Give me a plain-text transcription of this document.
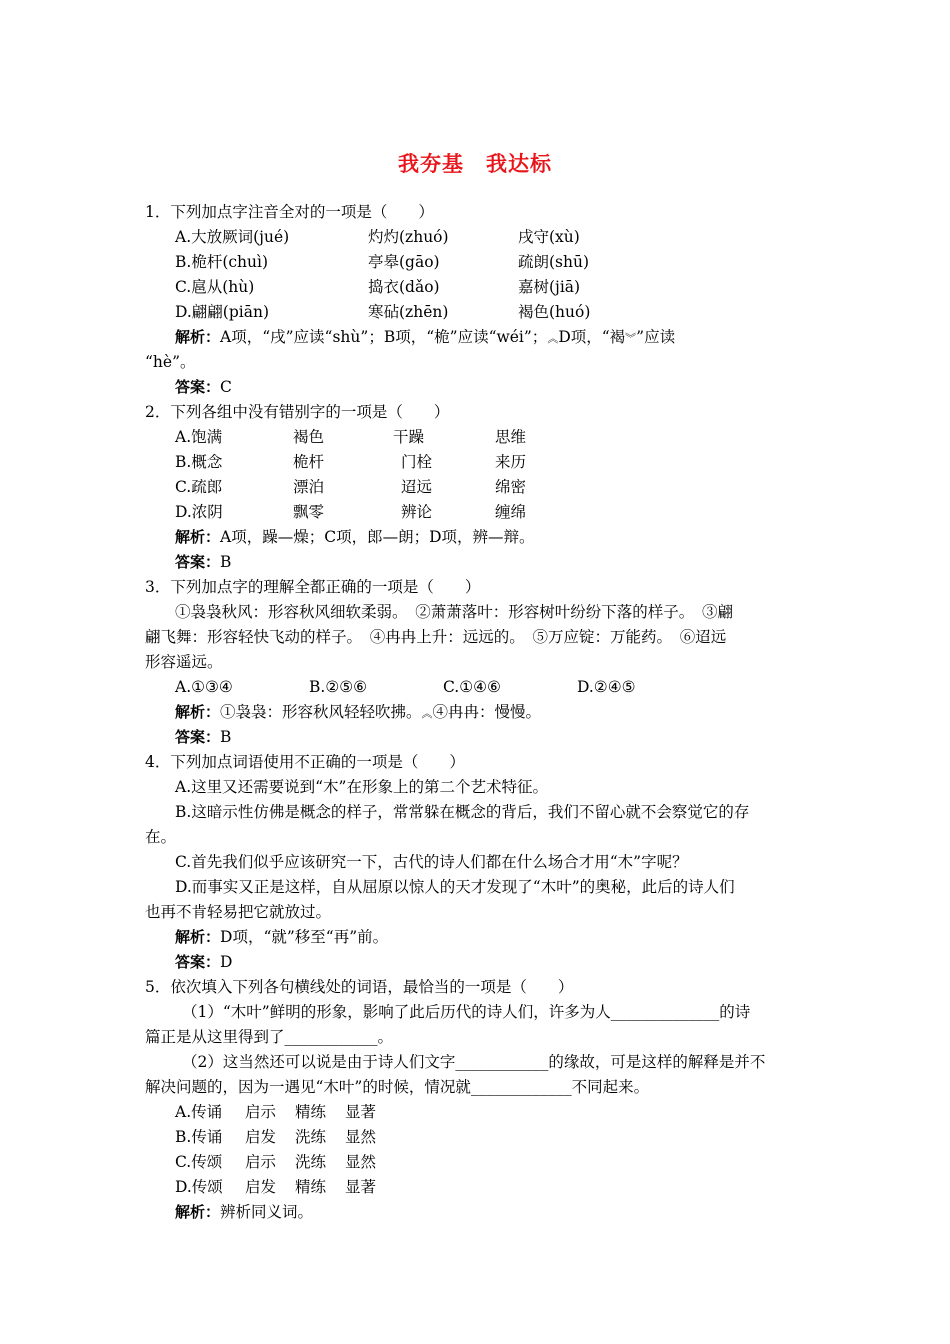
我夯基　我达标
1．下列加点字注音全对的一项是（　　）
A.大放厥词(jué)	灼灼(zhuó)	戌守(xù)
B.桅杆(chuì)	亭皋(gāo)	疏朗(shū)
C.扈从(hù)	捣衣(dǎo)	嘉树(jiā)
D.翩翩(piān)	寒砧(zhēn)	褐色(huó)
解析：A项，“戌”应读“shù”；B项，“桅”应读“wéi”；︽D项，“褐︾”应读
“hè”。
答案：C
2．下列各组中没有错别字的一项是（　　）
A.饱满	褐色	干躁	思维
B.概念	桅杆	门栓	来历
C.疏郎	漂泊	迢远	绵密
D.浓阴	飘零	辨论	缠绵
解析：A项，躁—燥；C项，郎—朗；D项，辨—辩。
答案：B
3．下列加点字的理解全都正确的一项是（　　）
①袅袅秋风：形容秋风细软柔弱。　②萧萧落叶：形容树叶纷纷下落的样子。　③翩
翩飞舞：形容轻快飞动的样子。　④冉冉上升：远远的。　⑤万应锭：万能药。　⑥迢远
形容遥远。
A.①③④	B.②⑤⑥	C.①④⑥	D.②④⑤
解析：①袅袅：形容秋风轻轻吹拂。︽④冉冉：慢慢。
答案：B
4．下列加点词语使用不正确的一项是（　　）
A.这里又还需要说到“木”在形象上的第二个艺术特征。
B.这暗示性仿佛是概念的样子，常常躲在概念的背后，我们不留心就不会察觉它的存
在。
C.首先我们似乎应该研究一下，古代的诗人们都在什么场合才用“木”字呢？
D.而事实又正是这样，自从屈原以惊人的天才发现了“木叶”的奥秘，此后的诗人们
也再不肯轻易把它就放过。
解析：D项，“就”移至“再”前。
答案：D
5．依次填入下列各句横线处的词语，最恰当的一项是（　　）
（1）“木叶”鲜明的形象，影响了此后历代的诗人们，许多为人______________的诗
篇正是从这里得到了____________。
（2）这当然还可以说是由于诗人们文字____________的缘故，可是这样的解释是并不
解决问题的，因为一遇见“木叶”的时候，情况就_____________不同起来。
A.传诵 启示 精练 显著
B.传诵 启发 洗练 显然
C.传颂 启示 洗练 显然
D.传颂 启发 精练 显著
解析：辨析同义词。
